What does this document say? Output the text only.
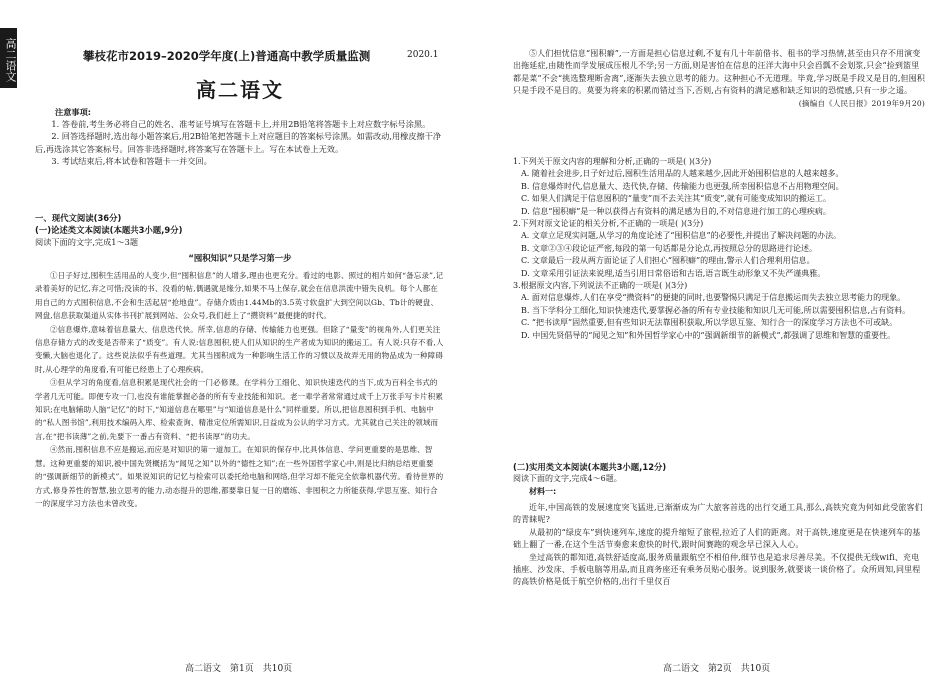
高二语文	攀枝花市2019–2020学年度(上)普通高中教学质量监测	2020.1
高二语文

注意事项:

1. 答卷前,考生务必将自己的姓名、准考证号填写在答题卡上,并用2B铅笔将答题卡上对应数字标号涂黑。

2. 回答选择题时,选出每小题答案后,用2B铅笔把答题卡上对应题目的答案标号涂黑。如需改动,用橡皮擦干净后,再选涂其它答案标号。回答非选择题时,将答案写在答题卡上。写在本试卷上无效。

3. 考试结束后,将本试卷和答题卡一并交回。

一、现代文阅读(36分)

(一)论述类文本阅读(本题共3小题,9分)

阅读下面的文字,完成1～3题

“囤积知识”只是学习第一步

①日子好过,囤积生活用品的人变少,但“囤积信息”的人增多,理由也更充分。看过的电影、照过的相片如何“备忘录”,记录着美好的记忆,弃之可惜;没读的书、没看的帖,偶遇就是缘分,如果不马上保存,就会在信息洪流中错失良机。每个人都在用自己的方式囤积信息,不会和生活起居“抢地盘”。存储介质由1.44Mb的3.5英寸软盘扩大到空间以Gb、Tb计的硬盘、网盘,信息获取渠道从实体书刊扩展到网站、公众号,我们赶上了“攒资料”最便捷的时代。

②信息爆炸,意味着信息量大、信息迭代快。所幸,信息的存储、传输能力也更强。但除了“量变”的视角外,人们更关注信息存储方式的改变是否带来了“质变”。有人说:信息囤积,使人们从知识的生产者成为知识的搬运工。有人说:只存不看,人变懒,大脑也退化了。这些说法似乎有些道理。尤其当囤积成为一种影响生活工作的习惯以及故弄无用的物品成为一种障碍时,从心理学的角度看,有可能已经患上了心理疾病。

③但从学习的角度看,信息积累是现代社会的一门必修课。在学科分工细化、知识快速迭代的当下,成为百科全书式的学者几无可能。即便专攻一门,也没有谁能掌握必备的所有专业技能和知识。老一辈学者常常通过成千上万张手写卡片积累知识;在电脑辅助人脑“记忆”的时下,“知道信息在哪里”与“知道信息是什么”同样重要。所以,把信息囤积到手机、电脑中的“私人图书馆”,利用技术编码入库、检索查询、精准定位所需知识,日益成为公认的学习方式。尤其就自己关注的领域而言,在“把书读薄”之前,先要下一番占有资料、“把书读厚”的功夫。

④然而,囤积信息不应是搬运,而应是对知识的第一道加工。在知识的保存中,比具体信息、学问更重要的是思维、智慧。这种更重要的知识,被中国先贤概括为“闻见之知”以外的“德性之知”;在一些外国哲学家心中,则是比归纳总结更重要的“强调新细节的新模式”。如果说知识的记忆与检索可以委托给电脑和网络,但学习却不能完全依靠机器代劳。看待世界的方式,修身养性的智慧,独立思考的能力,动态提升的思维,都要靠日复一日的磨练、非囤积之力所能获得,学思互鉴、知行合一的深度学习方法也未曾改变。

高二语文　第1页　共10页

⑤人们担忧信息“囤积癖”,一方面是担心信息过剩,不复有几十年前借书、租书的学习热情,甚至由只存不用演变出拖延症,由随性而学发展成压根儿不学;另一方面,则是害怕在信息的汪洋大海中只会舀瓢不会划浆,只会“捡到篮里都是菜”不会“挑选整理断舍离”,逐渐失去独立思考的能力。这种担心不无道理。毕竟,学习既是手段又是目的,但囤积只是手段不是目的。莫要为将来的积累而错过当下,否则,占有资料的满足感和缺乏知识的恐慌感,只有一步之遥。

(摘编自《人民日报》2019年9月20)

1.下列关于原文内容的理解和分析,正确的一项是( )(3分)

A. 随着社会进步,日子好过后,囤积生活用品的人越来越少,因此开始囤积信息的人越来越多。

B. 信息爆炸时代,信息量大、迭代快,存储、传输能力也更强,所幸囤积信息不占用物理空间。

C. 如果人们满足于信息囤积的“量变”而不去关注其“质变”,就有可能变成知识的搬运工。

D. 信息“囤积癖”是一种以获得占有资料的满足感为目的,不对信息进行加工的心理疾病。

2.下列对原文论证的相关分析,不正确的一项是( )(3分)

A. 文章立足现实问题,从学习的角度论述了“囤积信息”的必要性,并提出了解决问题的办法。

B. 文章②③④段论证严密,每段的第一句话都是分论点,再按照总分的思路进行论述。

C. 文章最后一段从两方面论证了人们担心“囤积癖”的理由,警示人们合理利用信息。

D. 文章采用引证法来说理,适当引用日常俗语和古语,语言既生动形象又不失严谨典雅。

3.根据原文内容,下列说法不正确的一项是( )(3分)

A. 面对信息爆炸,人们在享受“攒资料”的便捷的同时,也要警惕只满足于信息搬运而失去独立思考能力的现象。

B. 当下学科分工细化,知识快速迭代,要掌握必备的所有专业技能和知识几无可能,所以需要囤积信息,占有资料。

C. “把书读厚”固然重要,但有些知识无法靠囤积获取,所以学思互鉴、知行合一的深度学习方法也不可或缺。

D. 中国先贤倡导的“闻见之知”和外国哲学家心中的“强调新细节的新模式”,都强调了思维和智慧的重要性。

(二)实用类文本阅读(本题共3小题,12分)

阅读下面的文字,完成4～6题。

材料一:

近年,中国高铁的发展速度突飞猛进,已渐渐成为广大旅客首选的出行交通工具,那么,高铁究竟为何如此受旅客们的青睐呢?

从最初的“绿皮车”到快速列车,速度的提升缩短了旅程,拉近了人们的距离。对于高铁,速度更是在快速列车的基础上翻了一番,在这个生活节奏愈来愈快的时代,跟时间赛跑的观念早已深入人心。

坐过高铁的都知道,高铁舒适度高,服务质量跟航空不相伯仲,细节也是追求尽善尽美。不仅提供无线wifi、充电插座、沙发床、手板电脑等用品,而且商务座还有乘务员贴心服务。说到服务,就要谈一谈价格了。众所周知,同里程的高铁价格是低于航空价格的,出行千里仅百

高二语文　第2页　共10页
